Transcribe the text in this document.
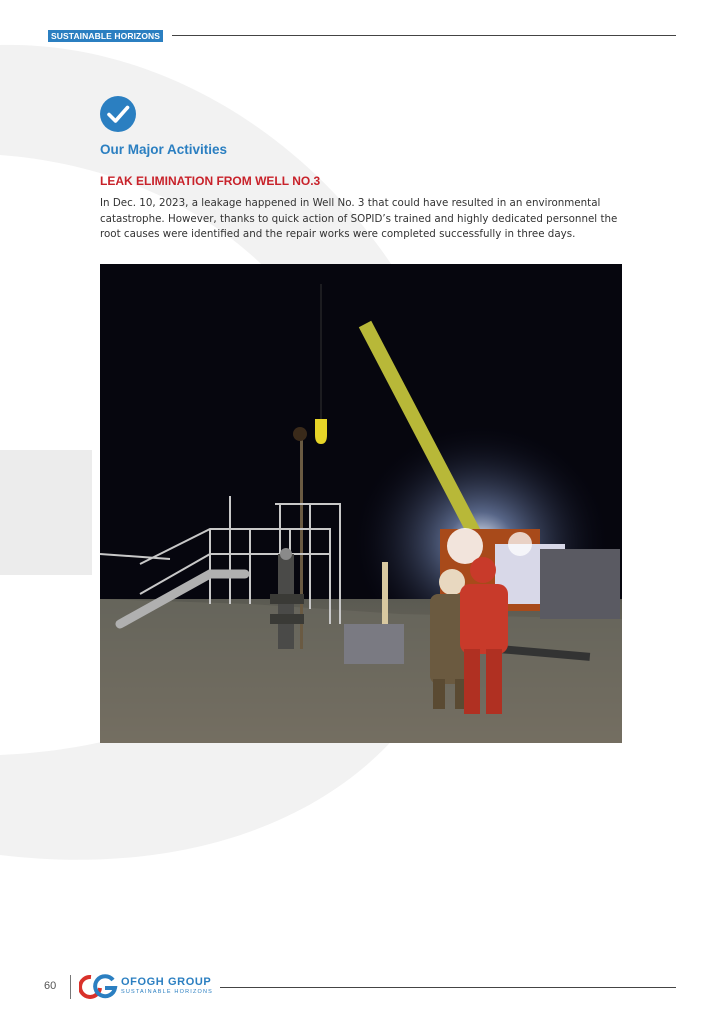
SUSTAINABLE HORIZONS
Our Major Activities
LEAK ELIMINATION FROM WELL NO.3

In Dec. 10, 2023, a leakage happened in Well No. 3 that could have resulted in an environmental catastrophe. However, thanks to quick action of SOPID’s trained and highly dedicated personnel the root causes were identified and the repair works were completed successfully in three days.

60	OFOGH GROUP
SUSTAINABLE HORIZONS
